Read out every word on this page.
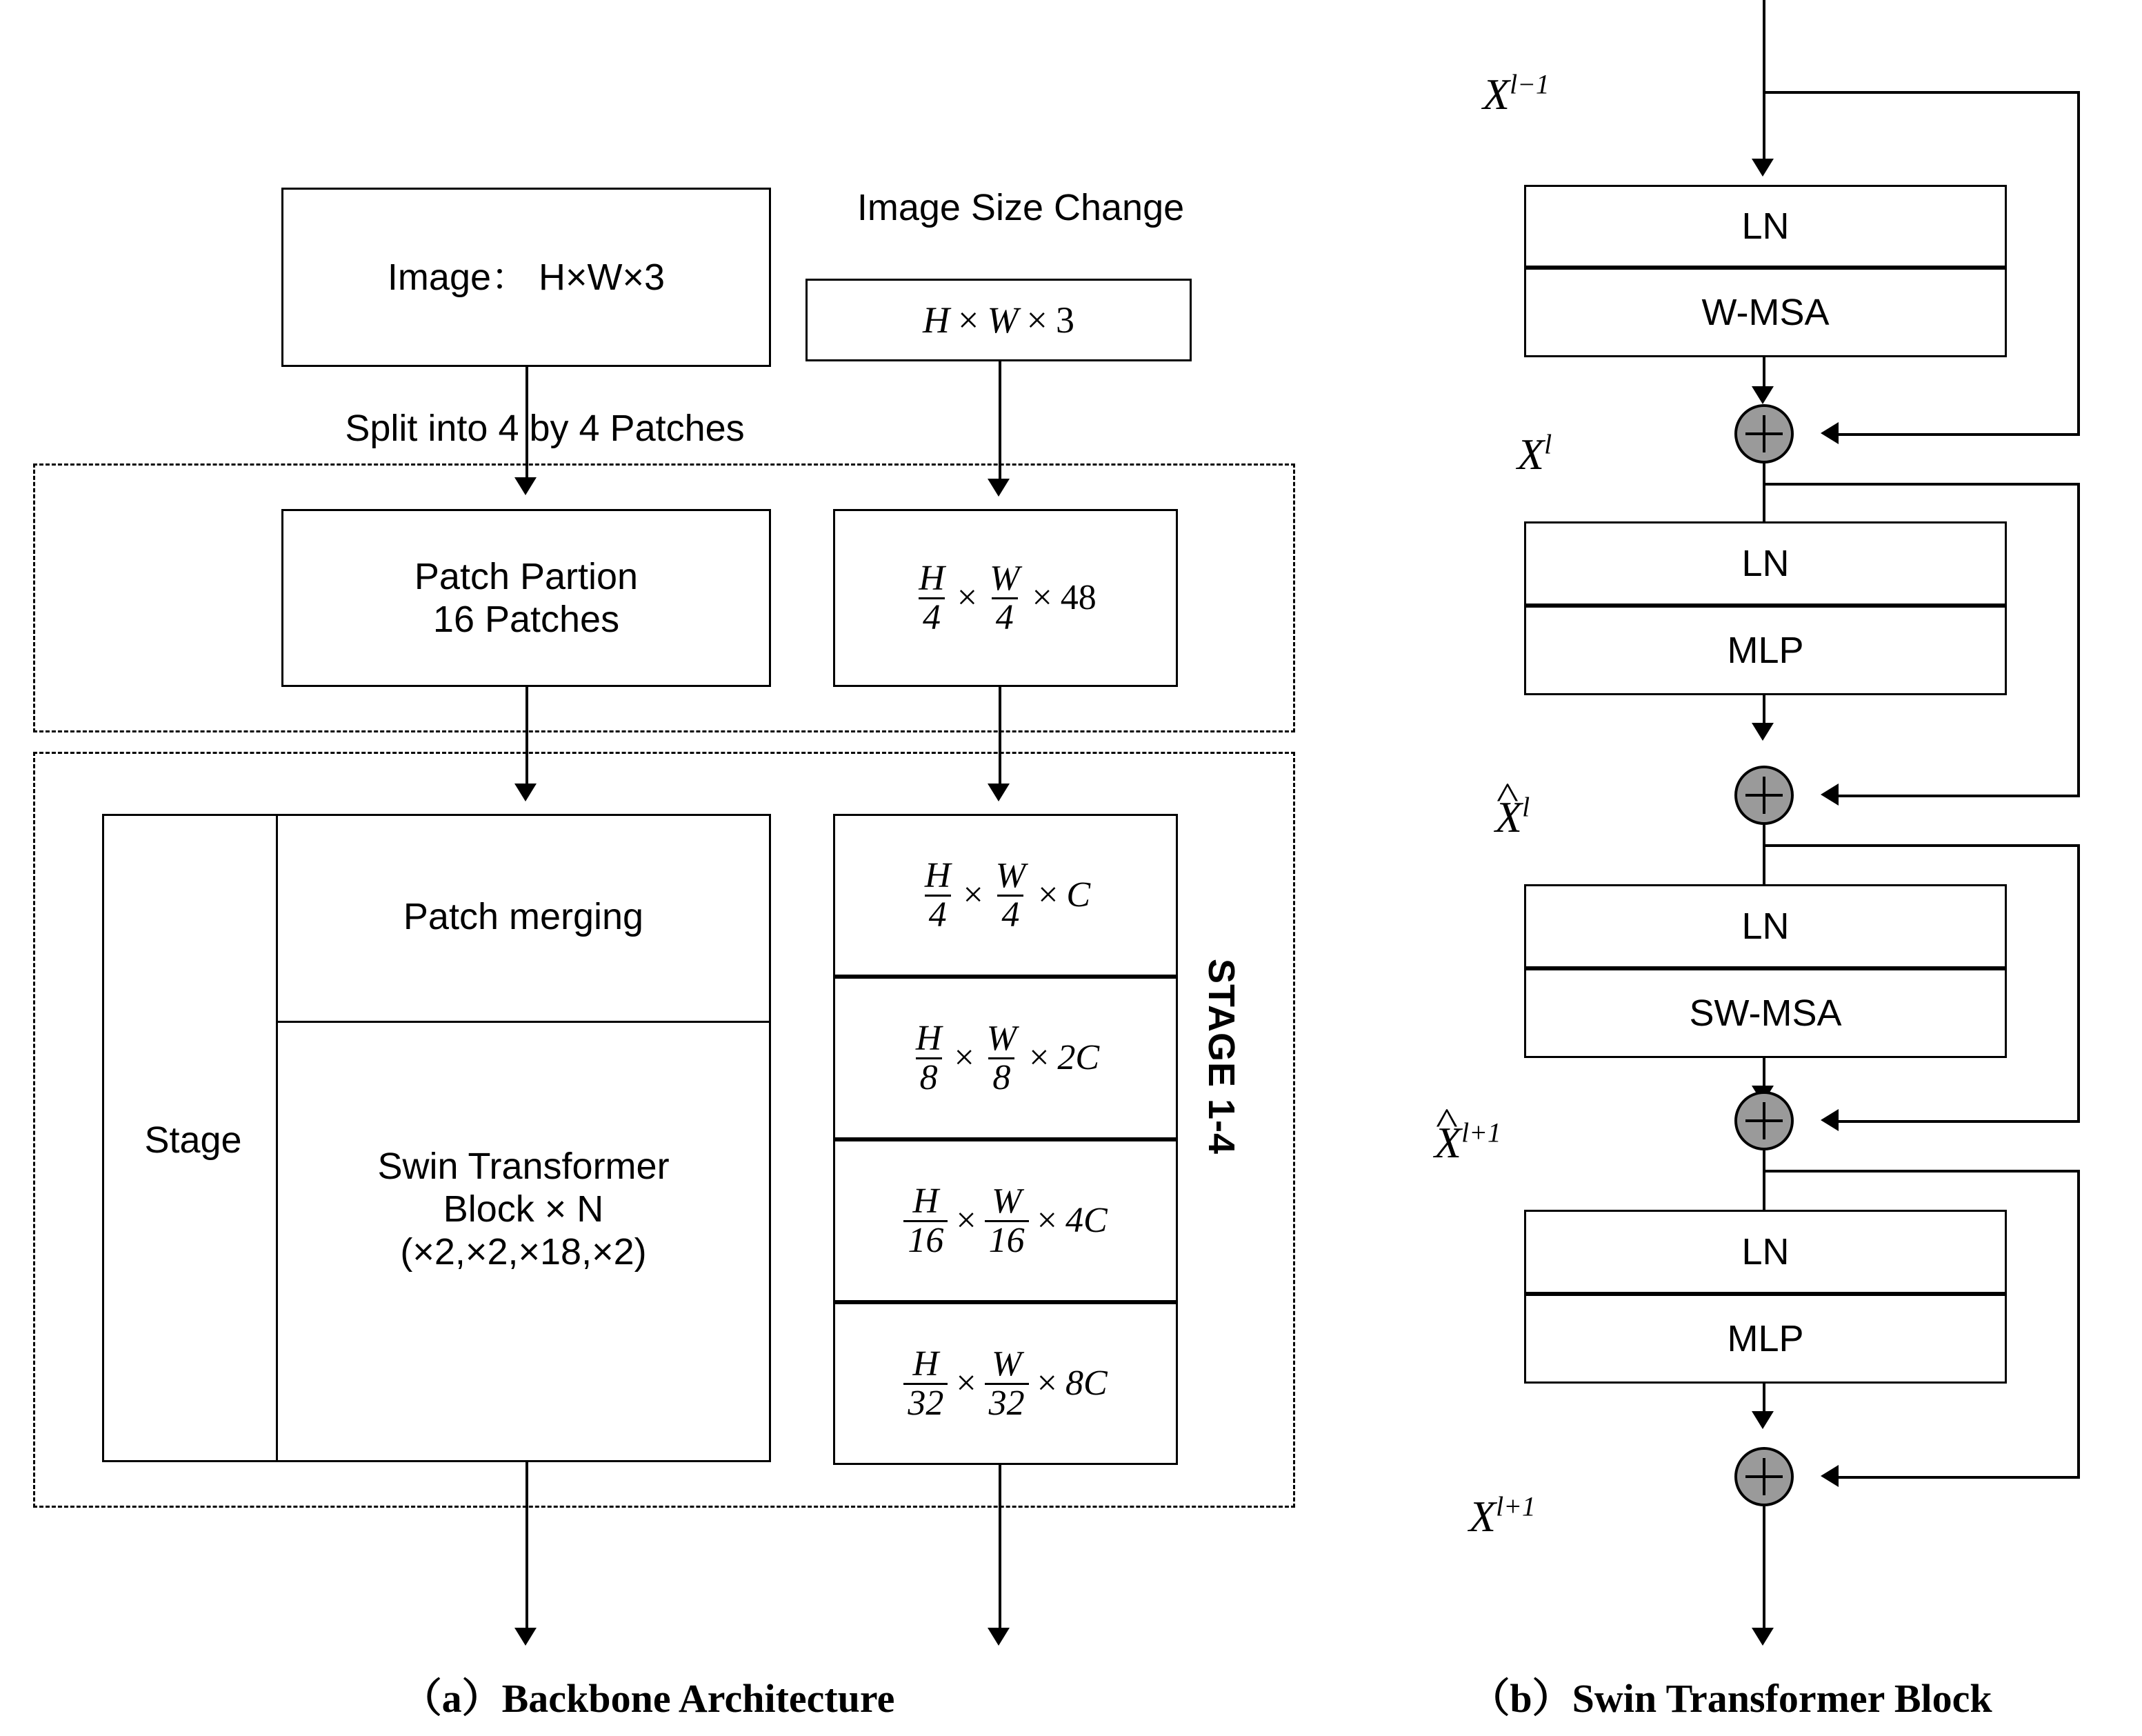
Image Size Change
Image： H×W×3
H × W × 3
Split into 4 by 4 Patches
Patch Partion
16 Patches	$\frac{H}{4} \times \frac{W}{4} \times 48$
Stage
Patch merging
Swin Transformer
Block × N
(×2,×2,×18,×2)
$\frac{H}{4} \times \frac{W}{4} \times C$
$\frac{H}{8} \times \frac{W}{8} \times 2C$
$\frac{H}{16} \times \frac{W}{16} \times 4C$
$\frac{H}{32} \times \frac{W}{32} \times 8C$
STAGE 1-4
（a）Backbone Architecture
$X^{l-1}$
LN
W-MSA
$X^l$
LN
MLP
X ^$^l$
LN
SW-MSA
X ^$^{l+1}$
LN
MLP
$X^{l+1}$
（b）Swin Transformer Block
